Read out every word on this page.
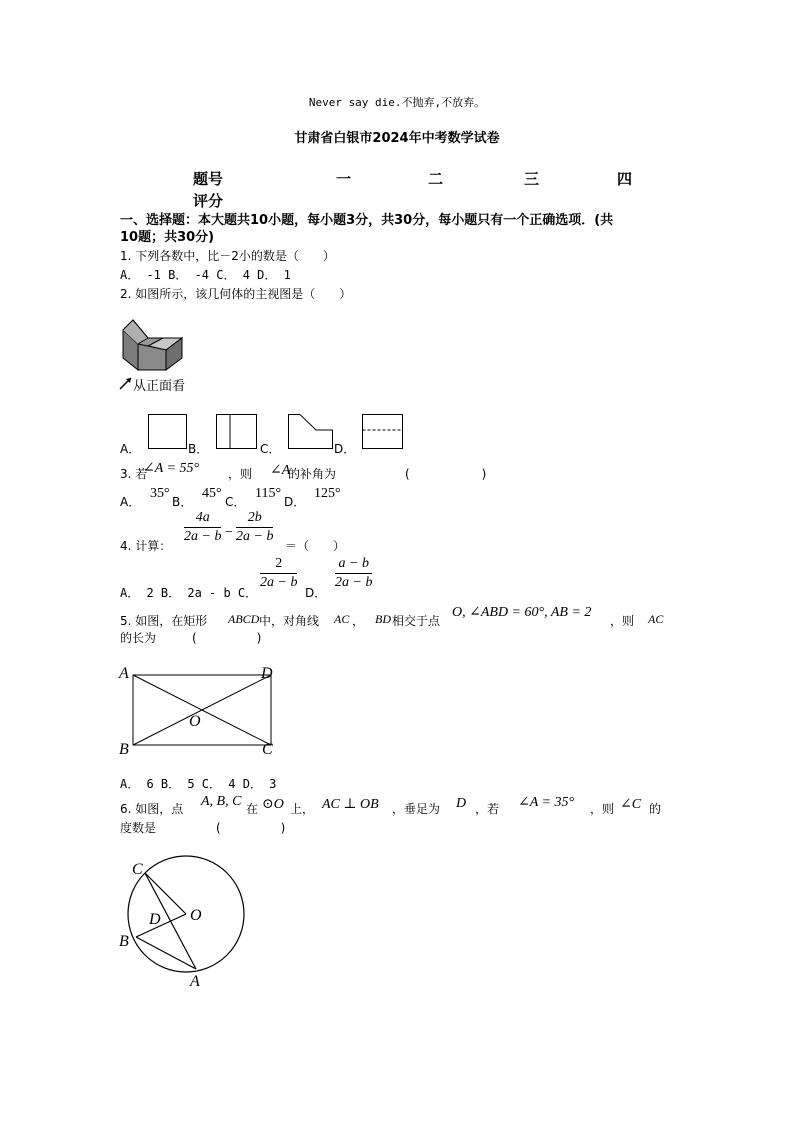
Never say die.不抛弃,不放弃。
甘肃省白银市2024年中考数学试卷
题号	一	二	三	四
评分
一、选择题：本大题共10小题，每小题3分，共30分，每小题只有一个正确选项．(共
10题；共30分)
1. 下列各数中，比－2小的数是（　　）
A． -1 B． -4 C． 4 D． 1
2. 如图所示，该几何体的主视图是（　　）
从正面看
A．	B．	C．	D．
3. 若
∠A = 55° ，则 ∠A
的补角为	(　　　　　　)
A．
35°
B．
45°
C．
115°
D．
125°
4. 计算：
$\frac{4a}{2a - b} - \frac{2b}{2a - b}$
＝（　　）
A． 2 B． 2a - b C．
$\frac{2}{2a - b}$
D．
$\frac{a - b}{2a - b}$
5. 如图，在矩形 ABCD 中，对角线 AC ， BD 相交于点
O, ∠ABD = 60°, AB = 2
，则 AC
的长为　　　(　　　　　)
A	D
B	C
O
A． 6 B． 5 C． 4 D． 3
6. 如图，点 A, B, C 在 ⊙O 上， AC ⊥ OB ，垂足为 D ，若 ∠A = 35° ，则 ∠C 的
度数是　　　　　(　　　　　)
C
O
D
B
A
